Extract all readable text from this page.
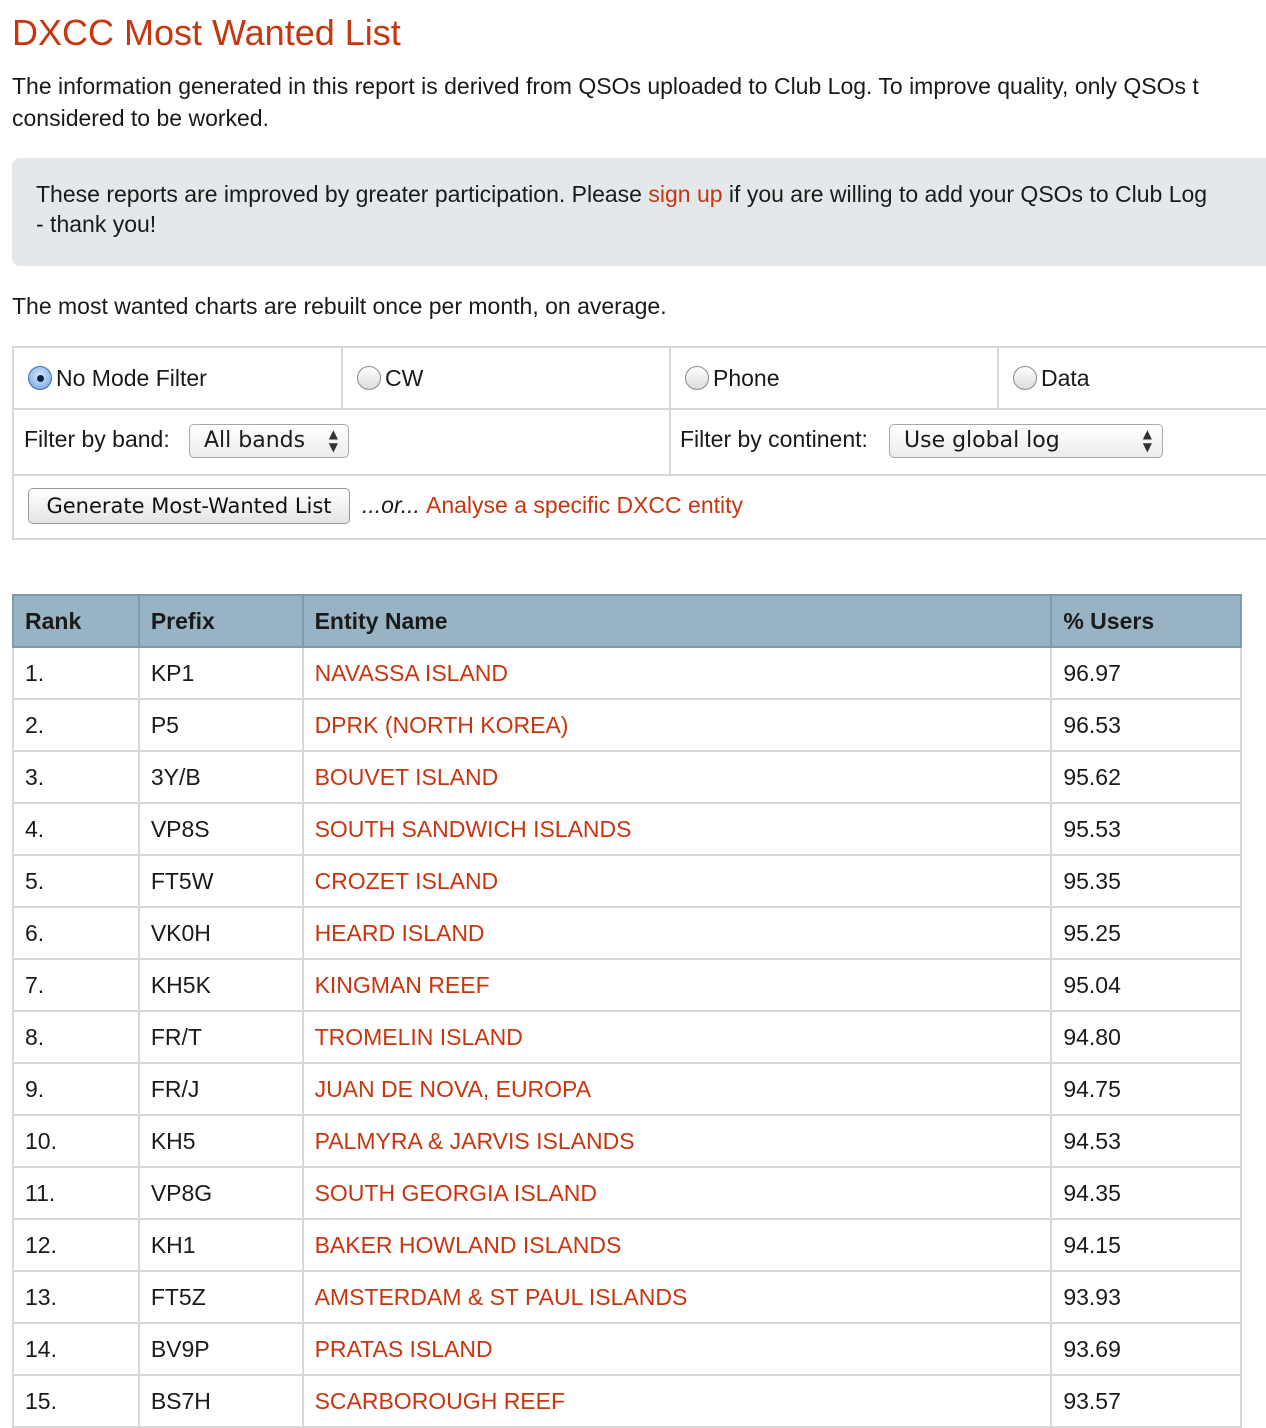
DXCC Most Wanted List
The information generated in this report is derived from QSOs uploaded to Club Log. To improve quality, only QSOs t
considered to be worked.
These reports are improved by greater participation. Please sign up if you are willing to add your QSOs to Club Log
- thank you!
The most wanted charts are rebuilt once per month, on average.
No Mode Filter	CW	Phone	Data
Filter by band:	All bands ▲
▼	Filter by continent:	Use global log	▲
▼
Generate Most-Wanted List	...or... Analyse a specific DXCC entity
Rank	Prefix	Entity Name	% Users
1.	KP1	NAVASSA ISLAND	96.97
2.	P5	DPRK (NORTH KOREA)	96.53
3.	3Y/B	BOUVET ISLAND	95.62
4.	VP8S	SOUTH SANDWICH ISLANDS	95.53
5.	FT5W	CROZET ISLAND	95.35
6.	VK0H	HEARD ISLAND	95.25
7.	KH5K	KINGMAN REEF	95.04
8.	FR/T	TROMELIN ISLAND	94.80
9.	FR/J	JUAN DE NOVA, EUROPA	94.75
10.	KH5	PALMYRA & JARVIS ISLANDS	94.53
11.	VP8G	SOUTH GEORGIA ISLAND	94.35
12.	KH1	BAKER HOWLAND ISLANDS	94.15
13.	FT5Z	AMSTERDAM & ST PAUL ISLANDS	93.93
14.	BV9P	PRATAS ISLAND	93.69
15.	BS7H	SCARBOROUGH REEF	93.57
